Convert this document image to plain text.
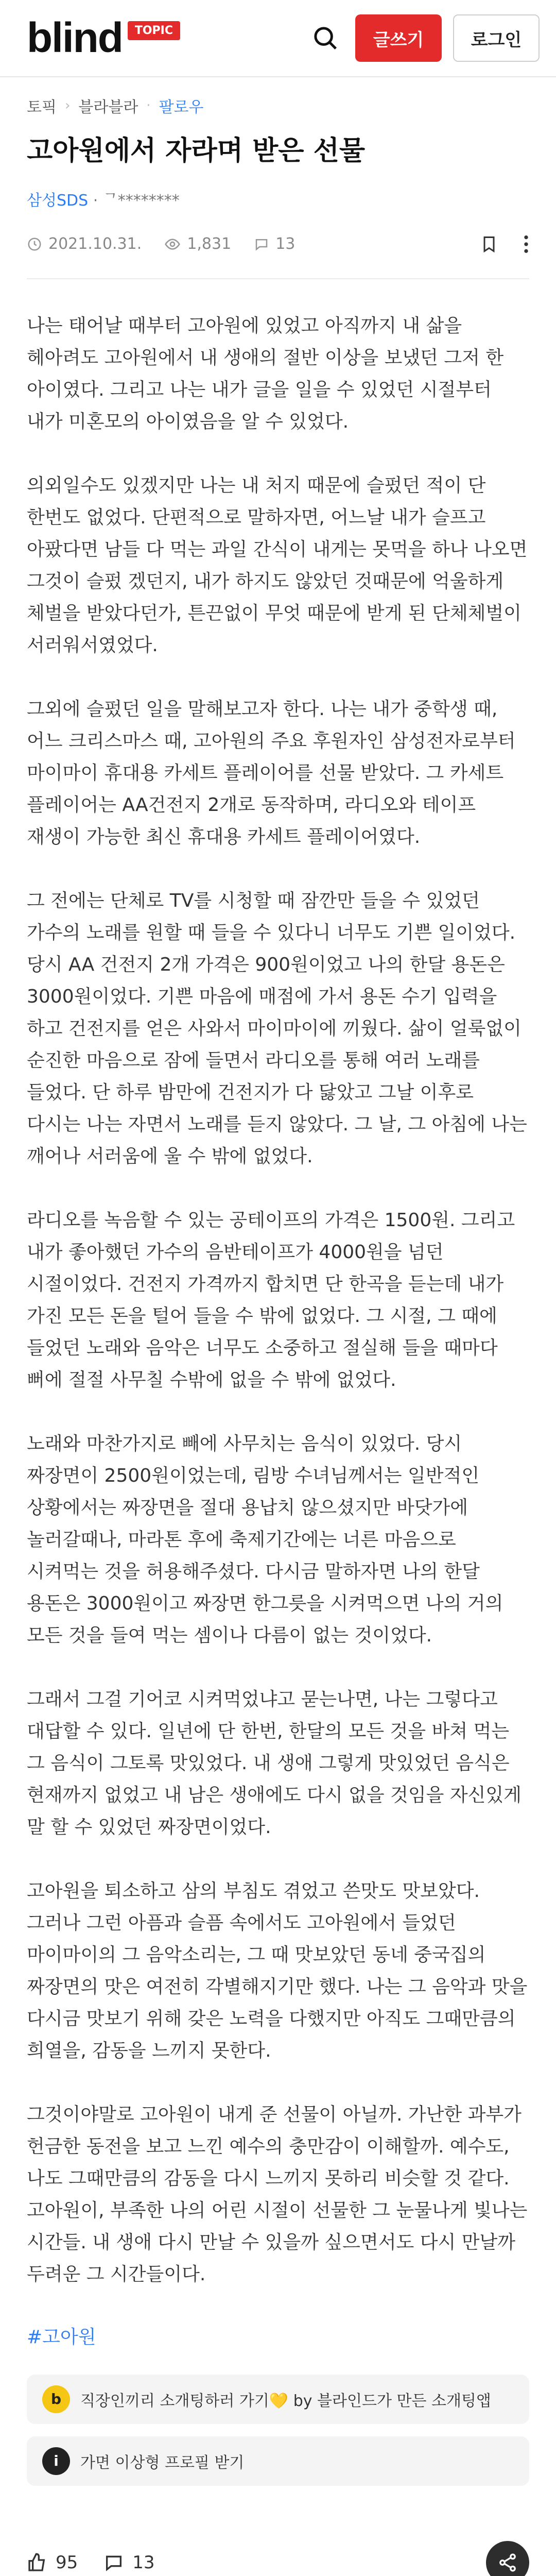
blind	TOPIC	글쓰기	로그인
토픽 › 블라블라 · 팔로우
고아원에서 자라며 받은 선물
삼성SDS · ᄀ********
2021.10.31.	1,831	13

나는 태어날 때부터 고아원에 있었고 아직까지 내 삶을 헤아려도 고아원에서 내 생애의 절반 이상을 보냈던 그저 한 아이였다. 그리고 나는 내가 글을 일을 수 있었던 시절부터 내가 미혼모의 아이였음을 알 수 있었다.

의외일수도 있겠지만 나는 내 처지 때문에 슬펐던 적이 단 한번도 없었다. 단편적으로 말하자면, 어느날 내가 슬프고 아팠다면 남들 다 먹는 과일 간식이 내게는 못먹을 하나 나오면 그것이 슬펐 겠던지, 내가 하지도 않았던 것때문에 억울하게 체벌을 받았다던가, 튼끈없이 무엇 때문에 받게 된 단체체벌이 서러워서였었다.

그외에 슬펐던 일을 말해보고자 한다. 나는 내가 중학생 때, 어느 크리스마스 때, 고아원의 주요 후원자인 삼성전자로부터 마이마이 휴대용 카세트 플레이어를 선물 받았다. 그 카세트 플레이어는 AA건전지 2개로 동작하며, 라디오와 테이프 재생이 가능한 최신 휴대용 카세트 플레이어였다.

그 전에는 단체로 TV를 시청할 때 잠깐만 들을 수 있었던 가수의 노래를 원할 때 들을 수 있다니 너무도 기쁜 일이었다. 당시 AA 건전지 2개 가격은 900원이었고 나의 한달 용돈은 3000원이었다. 기쁜 마음에 매점에 가서 용돈 수기 입력을 하고 건전지를 얻은 사와서 마이마이에 끼웠다. 삶이 얼룩없이 순진한 마음으로 잠에 들면서 라디오를 통해 여러 노래를 들었다. 단 하루 밤만에 건전지가 다 닳았고 그날 이후로 다시는 나는 자면서 노래를 듣지 않았다. 그 날, 그 아침에 나는 깨어나 서러움에 울 수 밖에 없었다.

라디오를 녹음할 수 있는 공테이프의 가격은 1500원. 그리고 내가 좋아했던 가수의 음반테이프가 4000원을 넘던 시절이었다. 건전지 가격까지 합치면 단 한곡을 듣는데 내가 가진 모든 돈을 털어 들을 수 밖에 없었다. 그 시절, 그 때에 들었던 노래와 음악은 너무도 소중하고 절실해 들을 때마다 뻐에 절절 사무칠 수밖에 없을 수 밖에 없었다.

노래와 마찬가지로 빼에 사무치는 음식이 있었다. 당시 짜장면이 2500원이었는데, 림방 수녀님께서는 일반적인 상황에서는 짜장면을 절대 용납치 않으셨지만 바닷가에 놀러갈때나, 마라톤 후에 축제기간에는 너른 마음으로 시켜먹는 것을 허용해주셨다. 다시금 말하자면 나의 한달 용돈은 3000원이고 짜장면 한그릇을 시켜먹으면 나의 거의 모든 것을 들여 먹는 셈이나 다름이 없는 것이었다.

그래서 그걸 기어코 시켜먹었냐고 묻는나면, 나는 그렇다고 대답할 수 있다. 일년에 단 한번, 한달의 모든 것을 바쳐 먹는 그 음식이 그토록 맛있었다. 내 생애 그렇게 맛있었던 음식은 현재까지 없었고 내 남은 생애에도 다시 없을 것임을 자신있게 말 할 수 있었던 짜장면이었다.

고아원을 퇴소하고 삼의 부침도 겪었고 쓴맛도 맛보았다. 그러나 그런 아픔과 슬픔 속에서도 고아원에서 들었던 마이마이의 그 음악소리는, 그 때 맛보았던 동네 중국집의 짜장면의 맛은 여전히 각별해지기만 했다. 나는 그 음악과 맛을 다시금 맛보기 위해 갖은 노력을 다했지만 아직도 그때만큼의 희열을, 감동을 느끼지 못한다.

그것이야말로 고아원이 내게 준 선물이 아닐까. 가난한 과부가 헌금한 동전을 보고 느낀 예수의 충만감이 이해할까. 예수도, 나도 그때만큼의 감동을 다시 느끼지 못하리 비슷할 것 같다. 고아원이, 부족한 나의 어린 시절이 선물한 그 눈물나게 빛나는 시간들. 내 생애 다시 만날 수 있을까 싶으면서도 다시 만날까 두려운 그 시간들이다.

#고아원
b	직장인끼리 소개팅하러 가기💛 by 블라인드가 만든 소개팅앱
i	가면 이상형 프로필 받기
95	13
